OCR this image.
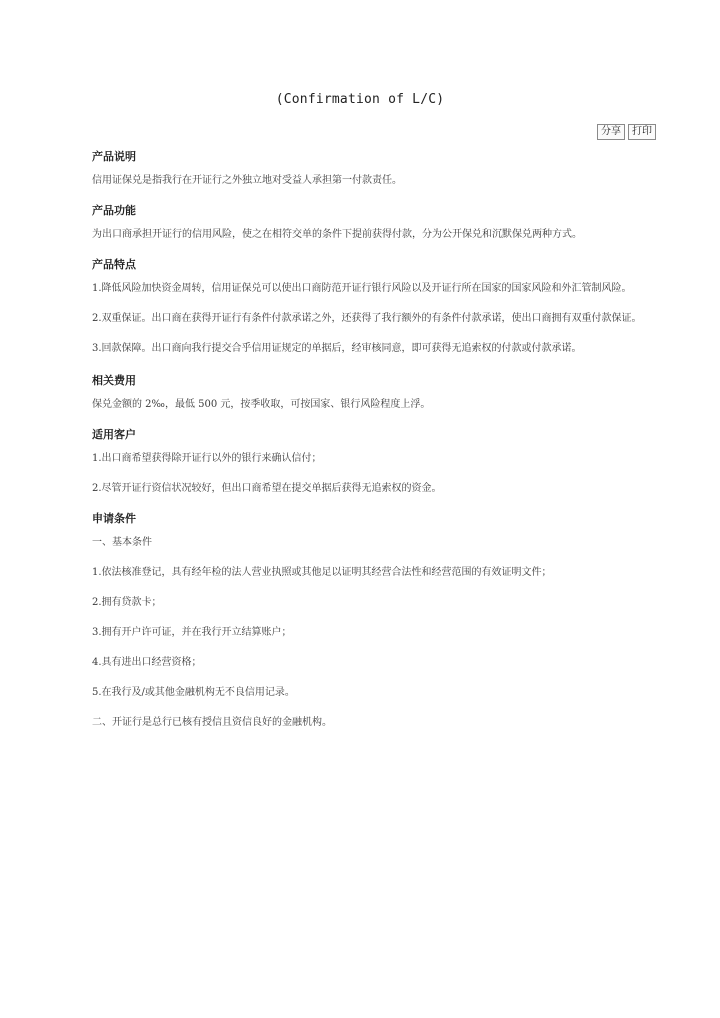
(Confirmation of L/C)
分享	打印
产品说明

信用证保兑是指我行在开证行之外独立地对受益人承担第一付款责任。

产品功能

为出口商承担开证行的信用风险，使之在相符交单的条件下提前获得付款，分为公开保兑和沉默保兑两种方式。

产品特点

1.降低风险加快资金周转，信用证保兑可以使出口商防范开证行银行风险以及开证行所在国家的国家风险和外汇管制风险。

2.双重保证。出口商在获得开证行有条件付款承诺之外，还获得了我行额外的有条件付款承诺，使出口商拥有双重付款保证。

3.回款保障。出口商向我行提交合乎信用证规定的单据后，经审核同意，即可获得无追索权的付款或付款承诺。

相关费用

保兑金额的 2‰，最低 500 元，按季收取，可按国家、银行风险程度上浮。

适用客户

1.出口商希望获得除开证行以外的银行来确认信付；

2.尽管开证行资信状况较好，但出口商希望在提交单据后获得无追索权的资金。

申请条件

一、基本条件

1.依法核准登记，具有经年检的法人营业执照或其他足以证明其经营合法性和经营范围的有效证明文件；

2.拥有贷款卡；

3.拥有开户许可证，并在我行开立结算账户；

4.具有进出口经营资格；

5.在我行及/或其他金融机构无不良信用记录。

二、开证行是总行已核有授信且资信良好的金融机构。
